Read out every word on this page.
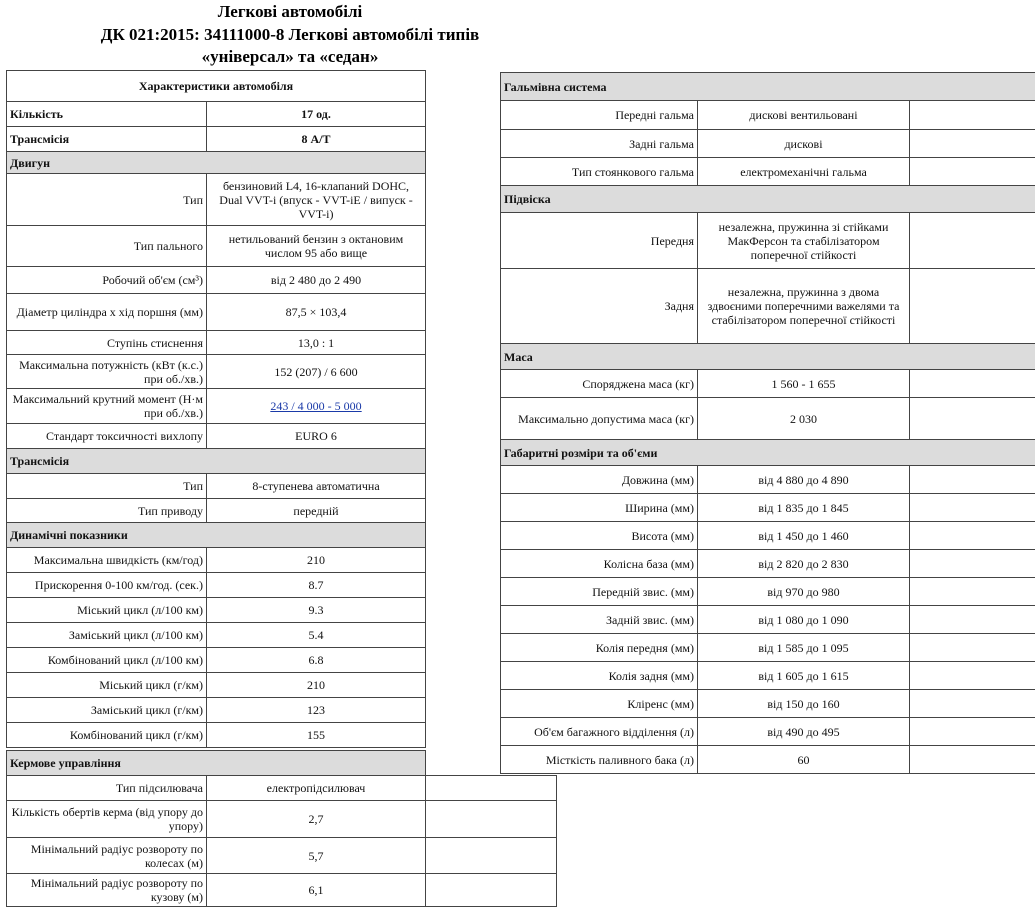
Легкові автомобілі
ДК 021:2015: 34111000-8 Легкові автомобілі типів
«універсал» та «седан»
Характеристики автомобіля	
Кількість	17 од.
Трансмісія	8 А/Т
Двигун	
Тип	бензиновий L4, 16-клапаний DOHC, Dual VVT-i (впуск - VVT-iE / випуск - VVT-i)
Тип пального	нетильований бензин з октановим числом 95 або вище
Робочий об'єм (см³)	від 2 480 до 2 490
Діаметр циліндра х хід поршня (мм)	87,5 × 103,4
Ступінь стиснення	13,0 : 1
Максимальна потужність (кВт (к.с.) при об./хв.)	152 (207) / 6 600
Максимальний крутний момент (Н·м при об./хв.)	243 / 4 000 - 5 000
Стандарт токсичності вихлопу	EURO 6
Трансмісія	
Тип	8-ступенева автоматична
Тип приводу	передній
Динамічні показники	
Максимальна швидкість (км/год)	210
Прискорення 0-100 км/год. (сек.)	8.7
Міський цикл (л/100 км)	9.3
Заміський цикл (л/100 км)	5.4
Комбінований цикл (л/100 км)	6.8
Міський цикл (г/км)	210
Заміський цикл (г/км)	123
Комбінований цикл (г/км)	155
Кермове управління		
Тип підсилювача	електропідсилювач	
Кількість обертів керма (від упору до упору)	2,7	
Мінімальний радіус розвороту по колесах (м)	5,7	
Мінімальний радіус розвороту по кузову (м)	6,1	
Гальмівна система		
Передні гальма	дискові вентильовані	
Задні гальма	дискові	
Тип стоянкового гальма	електромеханічні гальма	
Підвіска		
Передня	незалежна, пружинна зі стійками МакФерсон та стабілізатором поперечної стійкості	
Задня	незалежна, пружинна з двома здвоєними поперечними важелями та стабілізатором поперечної стійкості	
Маса		
Споряджена маса (кг)	1 560 - 1 655	
Максимально допустима маса (кг)	2 030	
Габаритні розміри та об'єми		
Довжина (мм)	від 4 880 до 4 890	
Ширина (мм)	від 1 835 до 1 845	
Висота (мм)	від 1 450 до 1 460	
Колісна база (мм)	від 2 820 до 2 830	
Передній звис. (мм)	від 970 до 980	
Задній звис. (мм)	від 1 080 до 1 090	
Колія передня (мм)	від 1 585 до 1 095	
Колія задня (мм)	від 1 605 до 1 615	
Кліренс (мм)	від 150 до 160	
Об'єм багажного відділення (л)	від 490 до 495	
Місткість паливного бака (л)	60	
